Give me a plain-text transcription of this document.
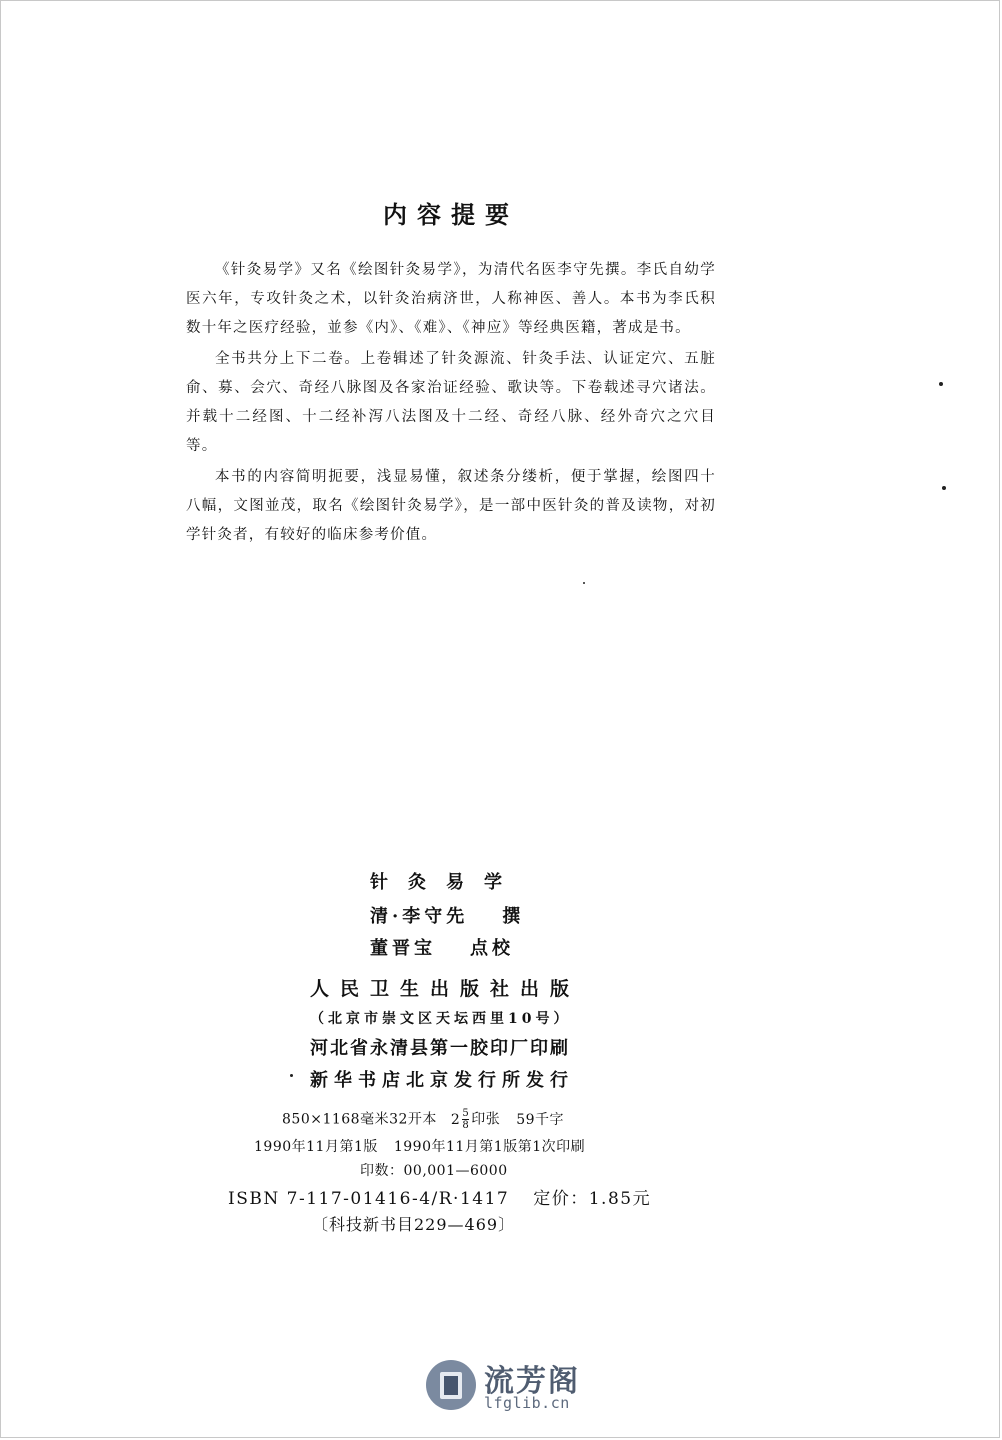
内容提要

《针灸易学》又名《绘图针灸易学》，为清代名医李守先撰。李氏自幼学医六年，专攻针灸之术，以针灸治病济世，人称神医、善人。本书为李氏积数十年之医疗经验，並参《内》、《难》、《神应》等经典医籍，著成是书。

全书共分上下二卷。上卷辑述了针灸源流、针灸手法、认证定穴、五脏俞、募、会穴、奇经八脉图及各家治证经验、歌诀等。下卷载述寻穴诸法。并载十二经图、十二经补泻八法图及十二经、奇经八脉、经外奇穴之穴目等。

本书的内容简明扼要，浅显易懂，叙述条分缕析，便于掌握，绘图四十八幅，文图並茂，取名《绘图针灸易学》，是一部中医针灸的普及读物，对初学针灸者，有较好的临床参考价值。

针灸易学
清·李守先 撰
董晋宝 点校
人民卫生出版社出版
（北京市崇文区天坛西里10号）
河北省永清县第一胶印厂印刷
新华书店北京发行所发行
850×1168毫米32开本 $2 \frac{5}{8}$ 印张 59千字
1990年11月第1版 1990年11月第1版第1次印刷
印数：00,001—6000
ISBN 7-117-01416-4/R·1417 定价：1.85元
〔科技新书目229—469〕
流芳阁
lfglib.cn
